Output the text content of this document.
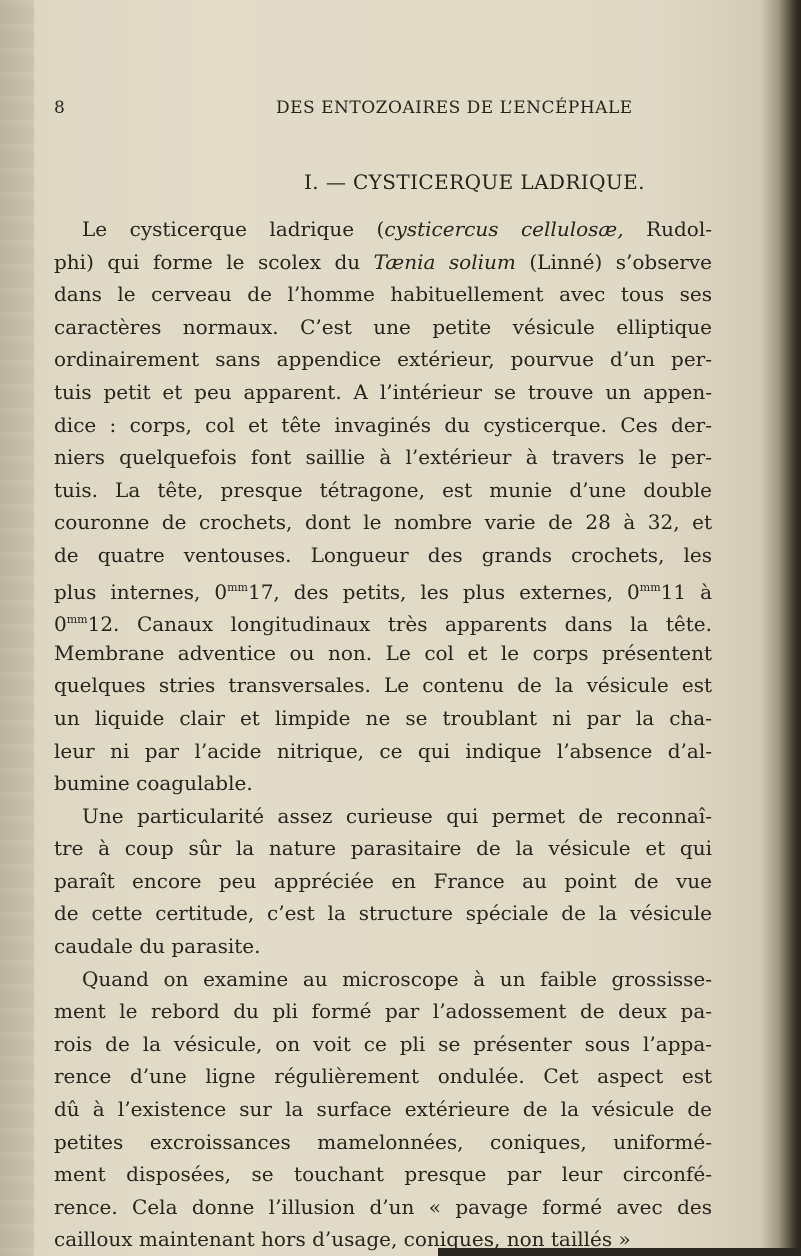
8	DES ENTOZOAIRES DE L’ENCÉPHALE
I. — CYSTICERQUE LADRIQUE.
Le cysticerque ladrique (cysticercus cellulosæ, Rudol-
phi) qui forme le scolex du Tænia solium (Linné) s’observe
dans le cerveau de l’homme habituellement avec tous ses
caractères normaux. C’est une petite vésicule elliptique
ordinairement sans appendice extérieur, pourvue d’un per-
tuis petit et peu apparent. A l’intérieur se trouve un appen-
dice : corps, col et tête invaginés du cysticerque. Ces der-
niers quelquefois font saillie à l’extérieur à travers le per-
tuis. La tête, presque tétragone, est munie d’une double
couronne de crochets, dont le nombre varie de 28 à 32, et
de quatre ventouses. Longueur des grands crochets, les
plus internes, $0^{mm}17$, des petits, les plus externes, $0^{mm}11$ à
$0^{mm}12$. Canaux longitudinaux très apparents dans la tête.
Membrane adventice ou non. Le col et le corps présentent
quelques stries transversales. Le contenu de la vésicule est
un liquide clair et limpide ne se troublant ni par la cha-
leur ni par l’acide nitrique, ce qui indique l’absence d’al-
bumine coagulable.
Une particularité assez curieuse qui permet de reconnaî-
tre à coup sûr la nature parasitaire de la vésicule et qui
paraît encore peu appréciée en France au point de vue
de cette certitude, c’est la structure spéciale de la vésicule
caudale du parasite.
Quand on examine au microscope à un faible grossisse-
ment le rebord du pli formé par l’adossement de deux pa-
rois de la vésicule, on voit ce pli se présenter sous l’appa-
rence d’une ligne régulièrement ondulée. Cet aspect est
dû à l’existence sur la surface extérieure de la vésicule de
petites excroissances mamelonnées, coniques, uniformé-
ment disposées, se touchant presque par leur circonfé-
rence. Cela donne l’illusion d’un « pavage formé avec des
cailloux maintenant hors d’usage, coniques, non taillés »
